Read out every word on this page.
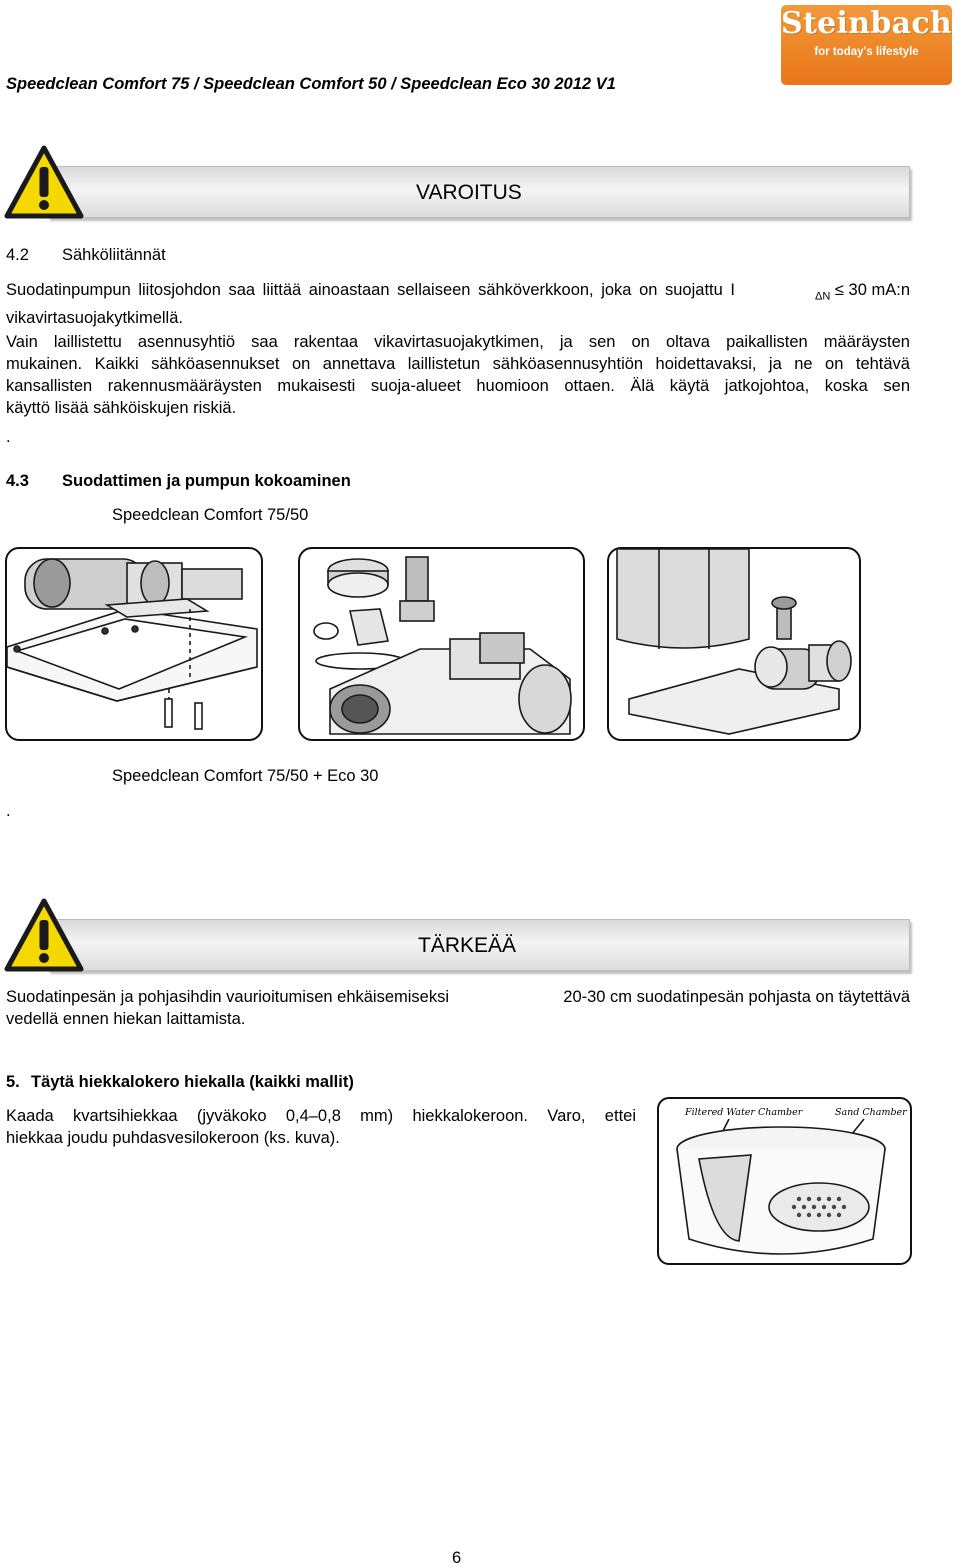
Speedclean Comfort 75 / Speedclean Comfort 50 / Speedclean Eco 30 2012 V1
Steinbach
for today's lifestyle
VAROITUS
4.2 Sähköliitännät
Suodatinpumpun liitosjohdon saa liittää ainoastaan sellaiseen sähköverkkoon, joka on suojattu I	$_{\Delta N}$ ≤ 30 mA:n
vikavirtasuojakytkimellä.
Vain laillistettu asennusyhtiö saa rakentaa vikavirtasuojakytkimen, ja sen on oltava paikallisten määräysten
mukainen. Kaikki sähköasennukset on annettava laillistetun sähköasennusyhtiön hoidettavaksi, ja ne on tehtävä
kansallisten rakennusmääräysten mukaisesti suoja-alueet huomioon ottaen. Älä käytä jatkojohtoa, koska sen
käyttö lisää sähköiskujen riskiä.
.
4.3 Suodattimen ja pumpun kokoaminen
Speedclean Comfort 75/50
Speedclean Comfort 75/50 + Eco 30
.
TÄRKEÄÄ
Suodatinpesän ja pohjasihdin vaurioitumisen ehkäisemiseksi	20-30 cm suodatinpesän pohjasta on täytettävä
vedellä ennen hiekan laittamista.
5. Täytä hiekkalokero hiekalla (kaikki mallit)
Kaada kvartsihiekkaa (jyväkoko 0,4–0,8 mm) hiekkalokeroon. Varo, ettei
hiekkaa joudu puhdasvesilokeroon (ks. kuva).
Filtered Water Chamber	Sand Chamber
6
